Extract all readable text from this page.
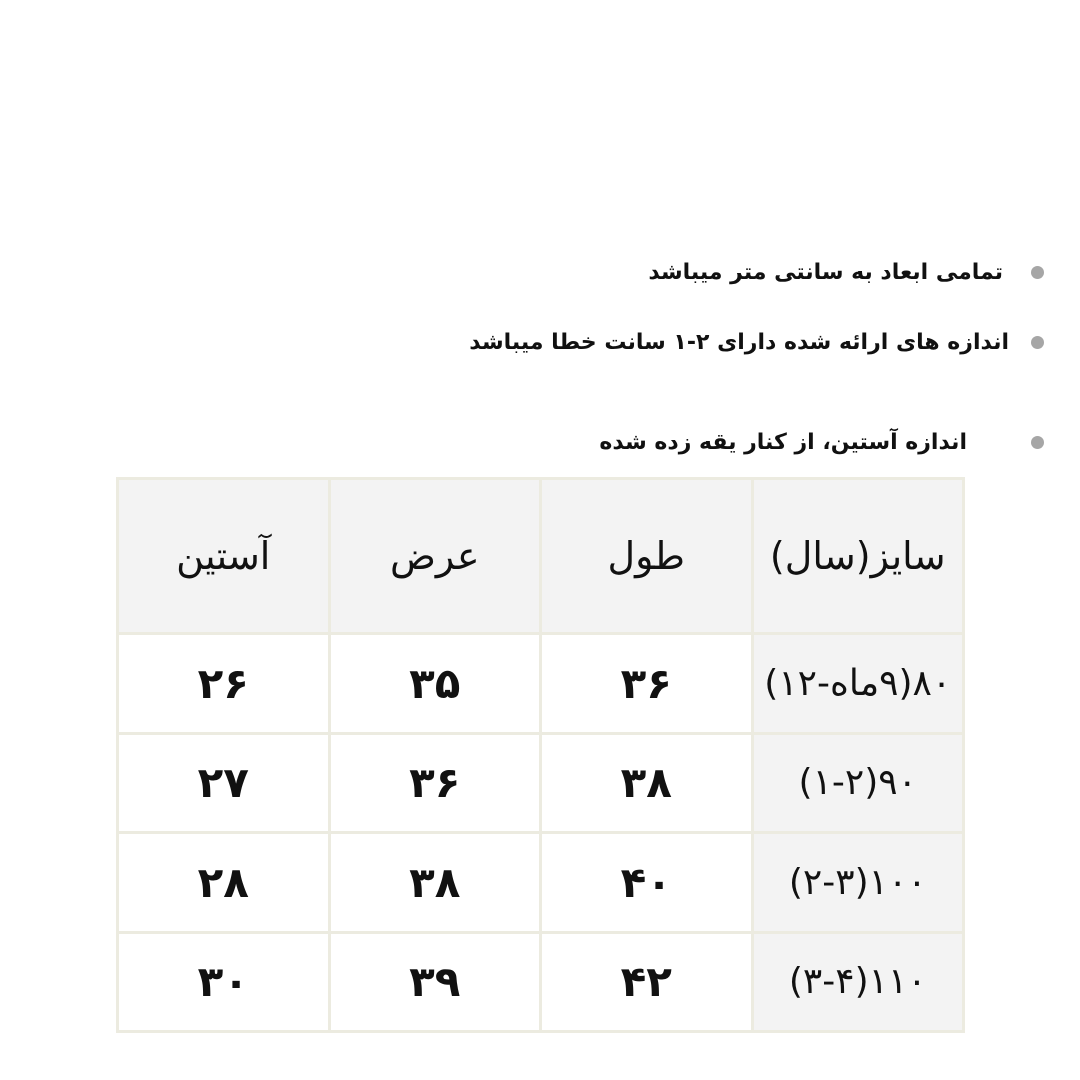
تمامی ابعاد به سانتی متر میباشد
اندازه های ارائه شده دارای ۲-۱ سانت خطا میباشد
اندازه آستین، از کنار یقه زده شده
سایز(سال)	طول	عرض	آستین
۸۰(۹ماه-۱۲)	۳۶	۳۵	۲۶
۹۰(۱-۲)	۳۸	۳۶	۲۷
۱۰۰(۲-۳)	۴۰	۳۸	۲۸
۱۱۰(۳-۴)	۴۲	۳۹	۳۰
